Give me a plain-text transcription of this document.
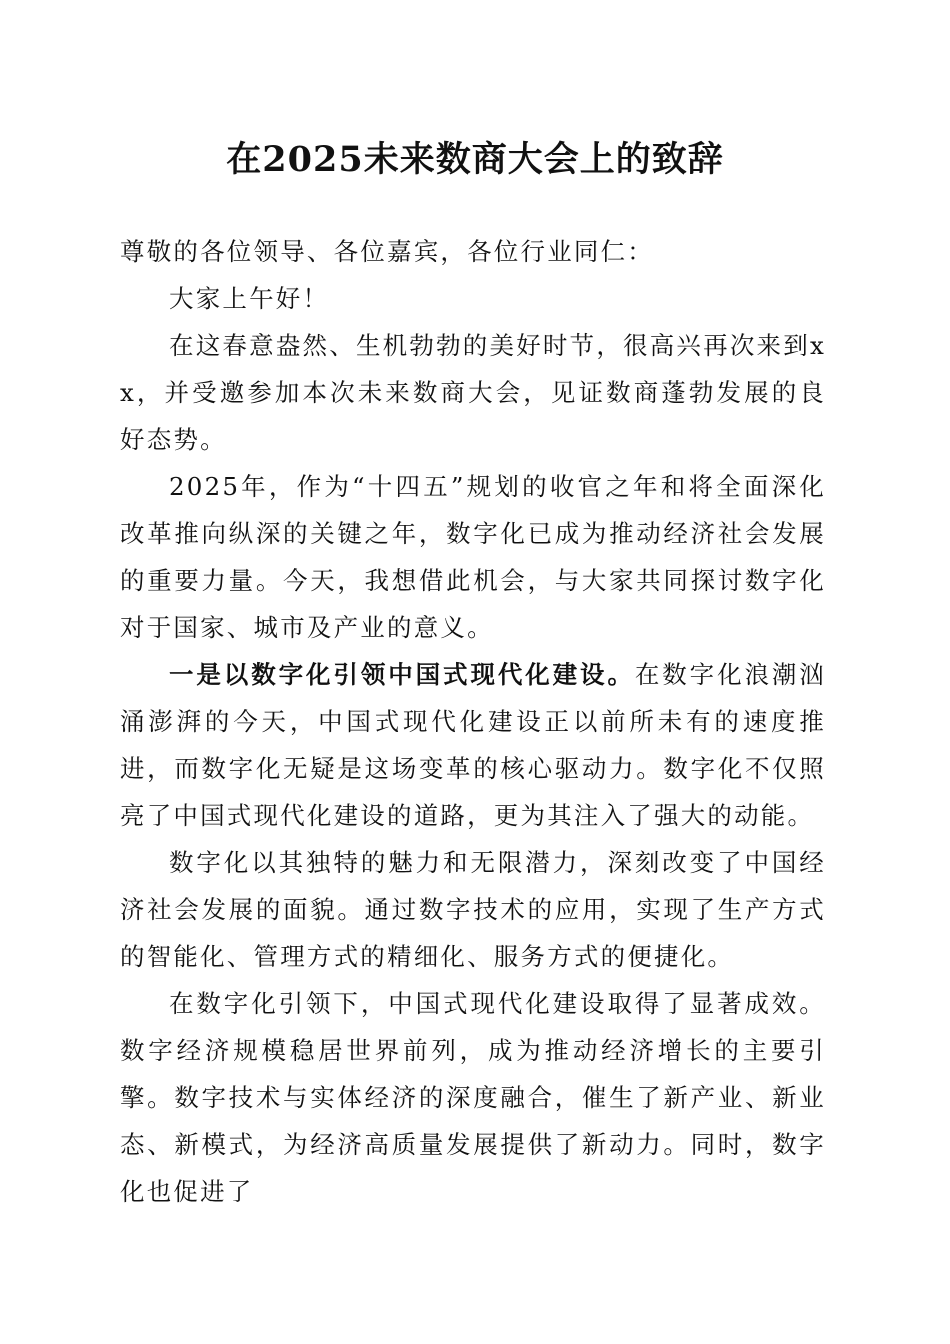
在2025未来数商大会上的致辞

尊敬的各位领导、各位嘉宾，各位行业同仁：

大家上午好！

在这春意盎然、生机勃勃的美好时节，很高兴再次来到xx，并受邀参加本次未来数商大会，见证数商蓬勃发展的良好态势。

2025年，作为“十四五”规划的收官之年和将全面深化改革推向纵深的关键之年，数字化已成为推动经济社会发展的重要力量。今天，我想借此机会，与大家共同探讨数字化对于国家、城市及产业的意义。

一是以数字化引领中国式现代化建设。在数字化浪潮汹涌澎湃的今天，中国式现代化建设正以前所未有的速度推进，而数字化无疑是这场变革的核心驱动力。数字化不仅照亮了中国式现代化建设的道路，更为其注入了强大的动能。

数字化以其独特的魅力和无限潜力，深刻改变了中国经济社会发展的面貌。通过数字技术的应用，实现了生产方式的智能化、管理方式的精细化、服务方式的便捷化。

在数字化引领下，中国式现代化建设取得了显著成效。数字经济规模稳居世界前列，成为推动经济增长的主要引擎。数字技术与实体经济的深度融合，催生了新产业、新业态、新模式，为经济高质量发展提供了新动力。同时，数字化也促进了
